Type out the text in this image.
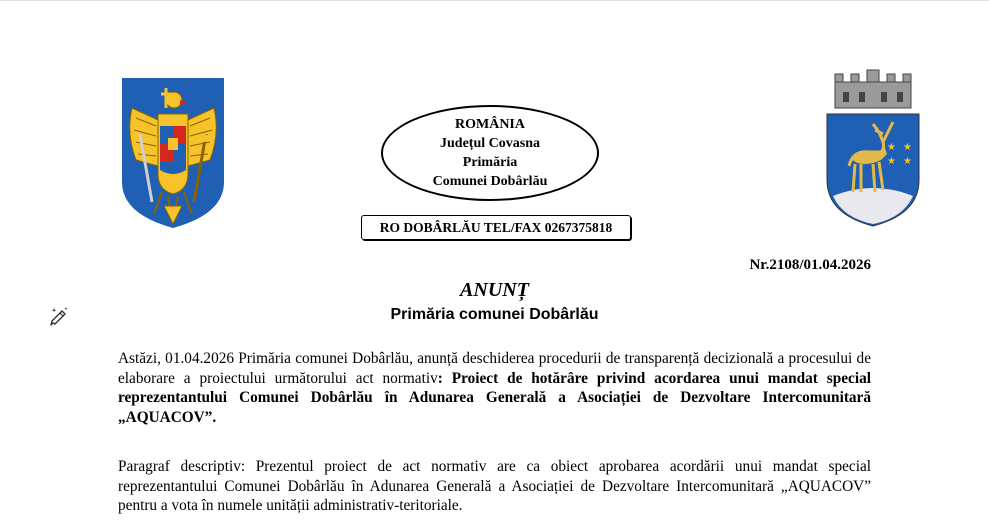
★ ★
★ ★
ROMÂNIA
Județul Covasna
Primăria
Comunei Dobârlău
RO DOBÂRLĂU TEL/FAX 0267375818
Nr.2108/01.04.2026
ANUNȚ
Primăria comunei Dobârlău
Astăzi, 01.04.2026 Primăria comunei Dobârlău, anunță deschiderea procedurii de transparență decizională a procesului de elaborare a proiectului următorului act normativ: Proiect de hotărâre privind acordarea unui mandat special reprezentantului Comunei Dobârlău în Adunarea Generală a Asociației de Dezvoltare Intercomunitară „AQUACOV”.
Paragraf descriptiv: Prezentul proiect de act normativ are ca obiect aprobarea acordării unui mandat special reprezentantului Comunei Dobârlău în Adunarea Generală a Asociației de Dezvoltare Intercomunitară „AQUACOV” pentru a vota în numele unității administrativ-teritoriale.
